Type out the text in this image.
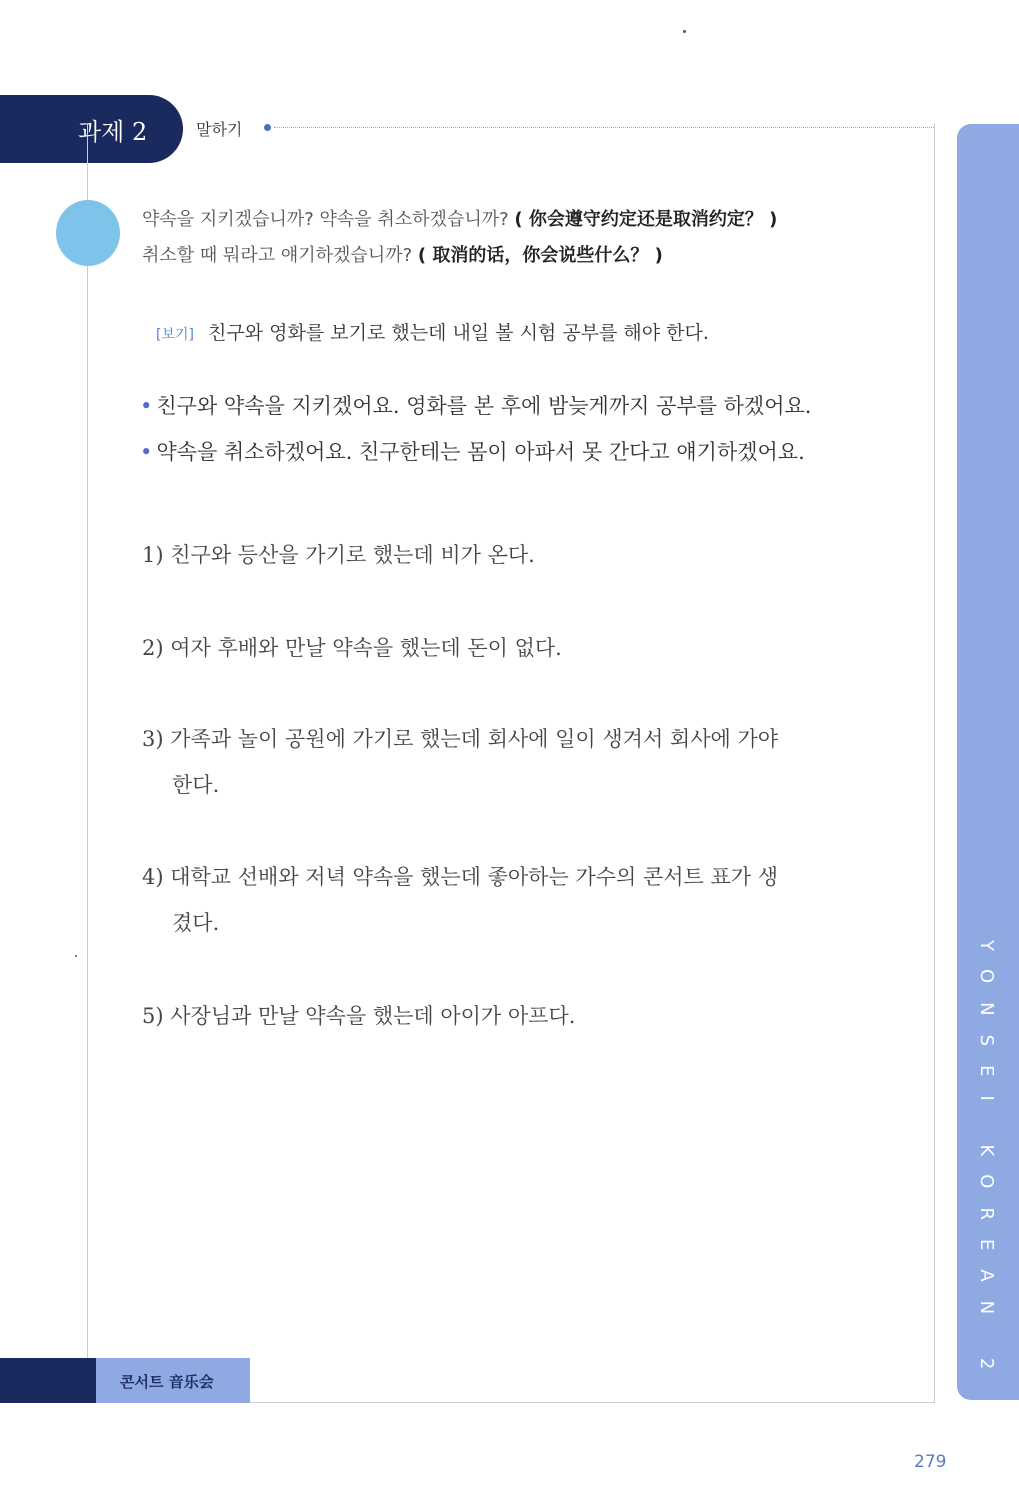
과제 2	말하기
약속을 지키겠습니까? 약속을 취소하겠습니까? ( 你会遵守约定还是取消约定？ )
취소할 때 뭐라고 얘기하겠습니까? ( 取消的话，你会说些什么？ )
[보기] 친구와 영화를 보기로 했는데 내일 볼 시험 공부를 해야 한다.
• 친구와 약속을 지키겠어요. 영화를 본 후에 밤늦게까지 공부를 하겠어요.
• 약속을 취소하겠어요. 친구한테는 몸이 아파서 못 간다고 얘기하겠어요.
1) 친구와 등산을 가기로 했는데 비가 온다.
2) 여자 후배와 만날 약속을 했는데 돈이 없다.
3) 가족과 놀이 공원에 가기로 했는데 회사에 일이 생겨서 회사에 가야
한다.
4) 대학교 선배와 저녁 약속을 했는데 좋아하는 가수의 콘서트 표가 생
겼다.
5) 사장님과 만날 약속을 했는데 아이가 아프다.	YONSEI KOREAN 2
콘서트 音乐会
279
